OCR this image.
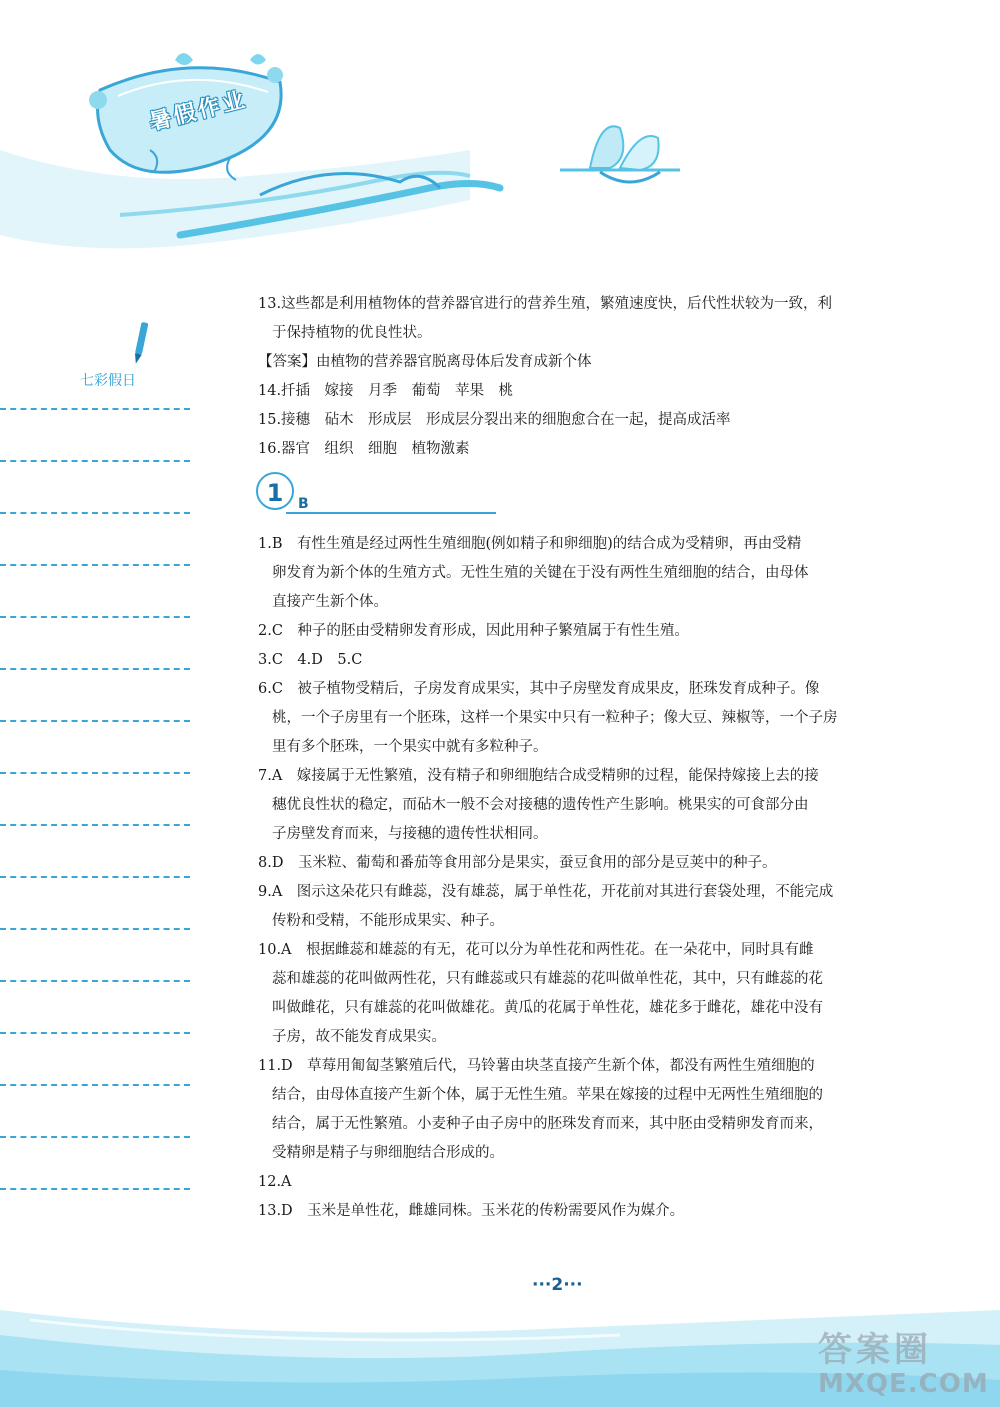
暑假作业
七彩假日
13.这些都是利用植物体的营养器官进行的营养生殖，繁殖速度快，后代性状较为一致，利
于保持植物的优良性状。
【答案】由植物的营养器官脱离母体后发育成新个体
14.扦插　嫁接　月季　葡萄　苹果　桃
15.接穗　砧木　形成层　形成层分裂出来的细胞愈合在一起，提高成活率
16.器官　组织　细胞　植物激素
1	B
1.B　有性生殖是经过两性生殖细胞(例如精子和卵细胞)的结合成为受精卵，再由受精
卵发育为新个体的生殖方式。无性生殖的关键在于没有两性生殖细胞的结合，由母体
直接产生新个体。
2.C　种子的胚由受精卵发育形成，因此用种子繁殖属于有性生殖。
3.C　4.D　5.C
6.C　被子植物受精后，子房发育成果实，其中子房壁发育成果皮，胚珠发育成种子。像
桃，一个子房里有一个胚珠，这样一个果实中只有一粒种子；像大豆、辣椒等，一个子房
里有多个胚珠，一个果实中就有多粒种子。
7.A　嫁接属于无性繁殖，没有精子和卵细胞结合成受精卵的过程，能保持嫁接上去的接
穗优良性状的稳定，而砧木一般不会对接穗的遗传性产生影响。桃果实的可食部分由
子房壁发育而来，与接穗的遗传性状相同。
8.D　玉米粒、葡萄和番茄等食用部分是果实，蚕豆食用的部分是豆荚中的种子。
9.A　图示这朵花只有雌蕊，没有雄蕊，属于单性花，开花前对其进行套袋处理，不能完成
传粉和受精，不能形成果实、种子。
10.A　根据雌蕊和雄蕊的有无，花可以分为单性花和两性花。在一朵花中，同时具有雌
蕊和雄蕊的花叫做两性花，只有雌蕊或只有雄蕊的花叫做单性花，其中，只有雌蕊的花
叫做雌花，只有雄蕊的花叫做雄花。黄瓜的花属于单性花，雄花多于雌花，雄花中没有
子房，故不能发育成果实。
11.D　草莓用匍匐茎繁殖后代，马铃薯由块茎直接产生新个体，都没有两性生殖细胞的
结合，由母体直接产生新个体，属于无性生殖。苹果在嫁接的过程中无两性生殖细胞的
结合，属于无性繁殖。小麦种子由子房中的胚珠发育而来，其中胚由受精卵发育而来，
受精卵是精子与卵细胞结合形成的。
12.A
13.D　玉米是单性花，雌雄同株。玉米花的传粉需要风作为媒介。
···2···
答案圈
MXQE.COM
